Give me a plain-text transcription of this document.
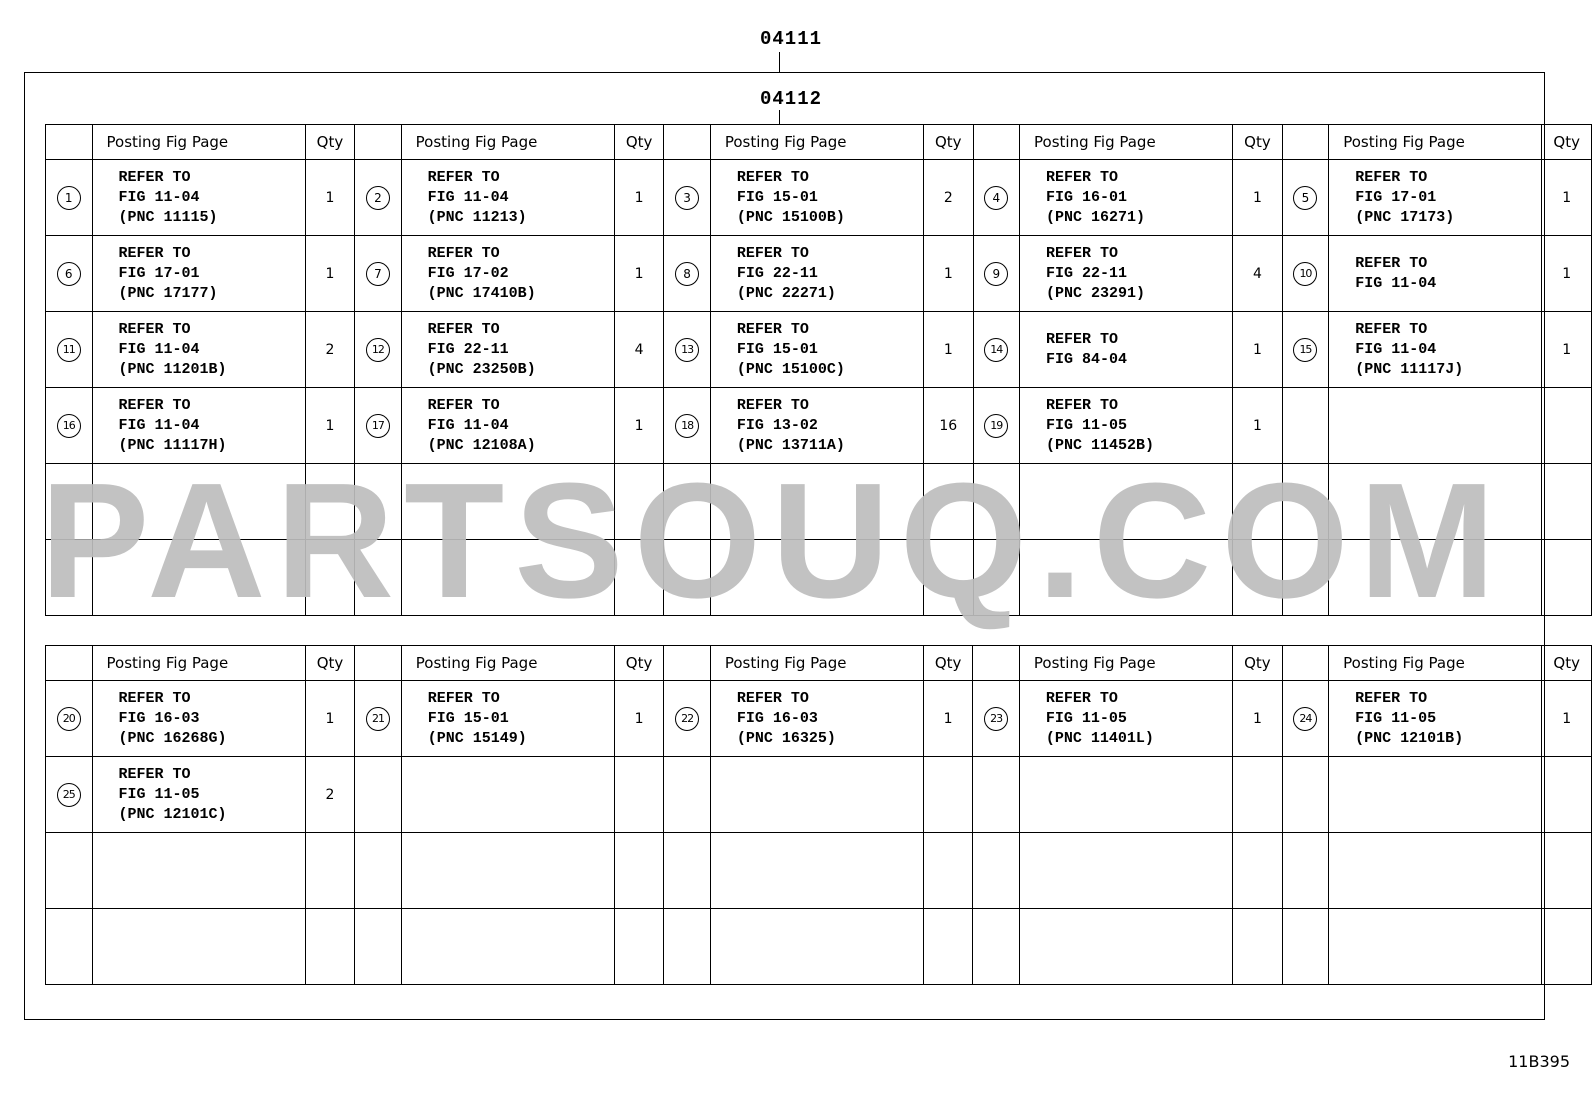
04111
04112
	Posting Fig Page	Qty		Posting Fig Page	Qty		Posting Fig Page	Qty		Posting Fig Page	Qty		Posting Fig Page	Qty
1	REFER TO
FIG 11-04
(PNC 11115)	1	2	REFER TO
FIG 11-04
(PNC 11213)	1	3	REFER TO
FIG 15-01
(PNC 15100B)	2	4	REFER TO
FIG 16-01
(PNC 16271)	1	5	REFER TO
FIG 17-01
(PNC 17173)	1
6	REFER TO
FIG 17-01
(PNC 17177)	1	7	REFER TO
FIG 17-02
(PNC 17410B)	1	8	REFER TO
FIG 22-11
(PNC 22271)	1	9	REFER TO
FIG 22-11
(PNC 23291)	4	10	REFER TO
FIG 11-04	1
11	REFER TO
FIG 11-04
(PNC 11201B)	2	12	REFER TO
FIG 22-11
(PNC 23250B)	4	13	REFER TO
FIG 15-01
(PNC 15100C)	1	14	REFER TO
FIG 84-04	1	15	REFER TO
FIG 11-04
(PNC 11117J)	1
16	REFER TO
FIG 11-04
(PNC 11117H)	1	17	REFER TO
FIG 11-04
(PNC 12108A)	1	18	REFER TO
FIG 13-02
(PNC 13711A)	16	19	REFER TO
FIG 11-05
(PNC 11452B)	1			

	Posting Fig Page	Qty		Posting Fig Page	Qty		Posting Fig Page	Qty		Posting Fig Page	Qty		Posting Fig Page	Qty
20	REFER TO
FIG 16-03
(PNC 16268G)	1	21	REFER TO
FIG 15-01
(PNC 15149)	1	22	REFER TO
FIG 16-03
(PNC 16325)	1	23	REFER TO
FIG 11-05
(PNC 11401L)	1	24	REFER TO
FIG 11-05
(PNC 12101B)	1
25	REFER TO
FIG 11-05
(PNC 12101C)	2												

PARTSOUQ.COM
11B395
